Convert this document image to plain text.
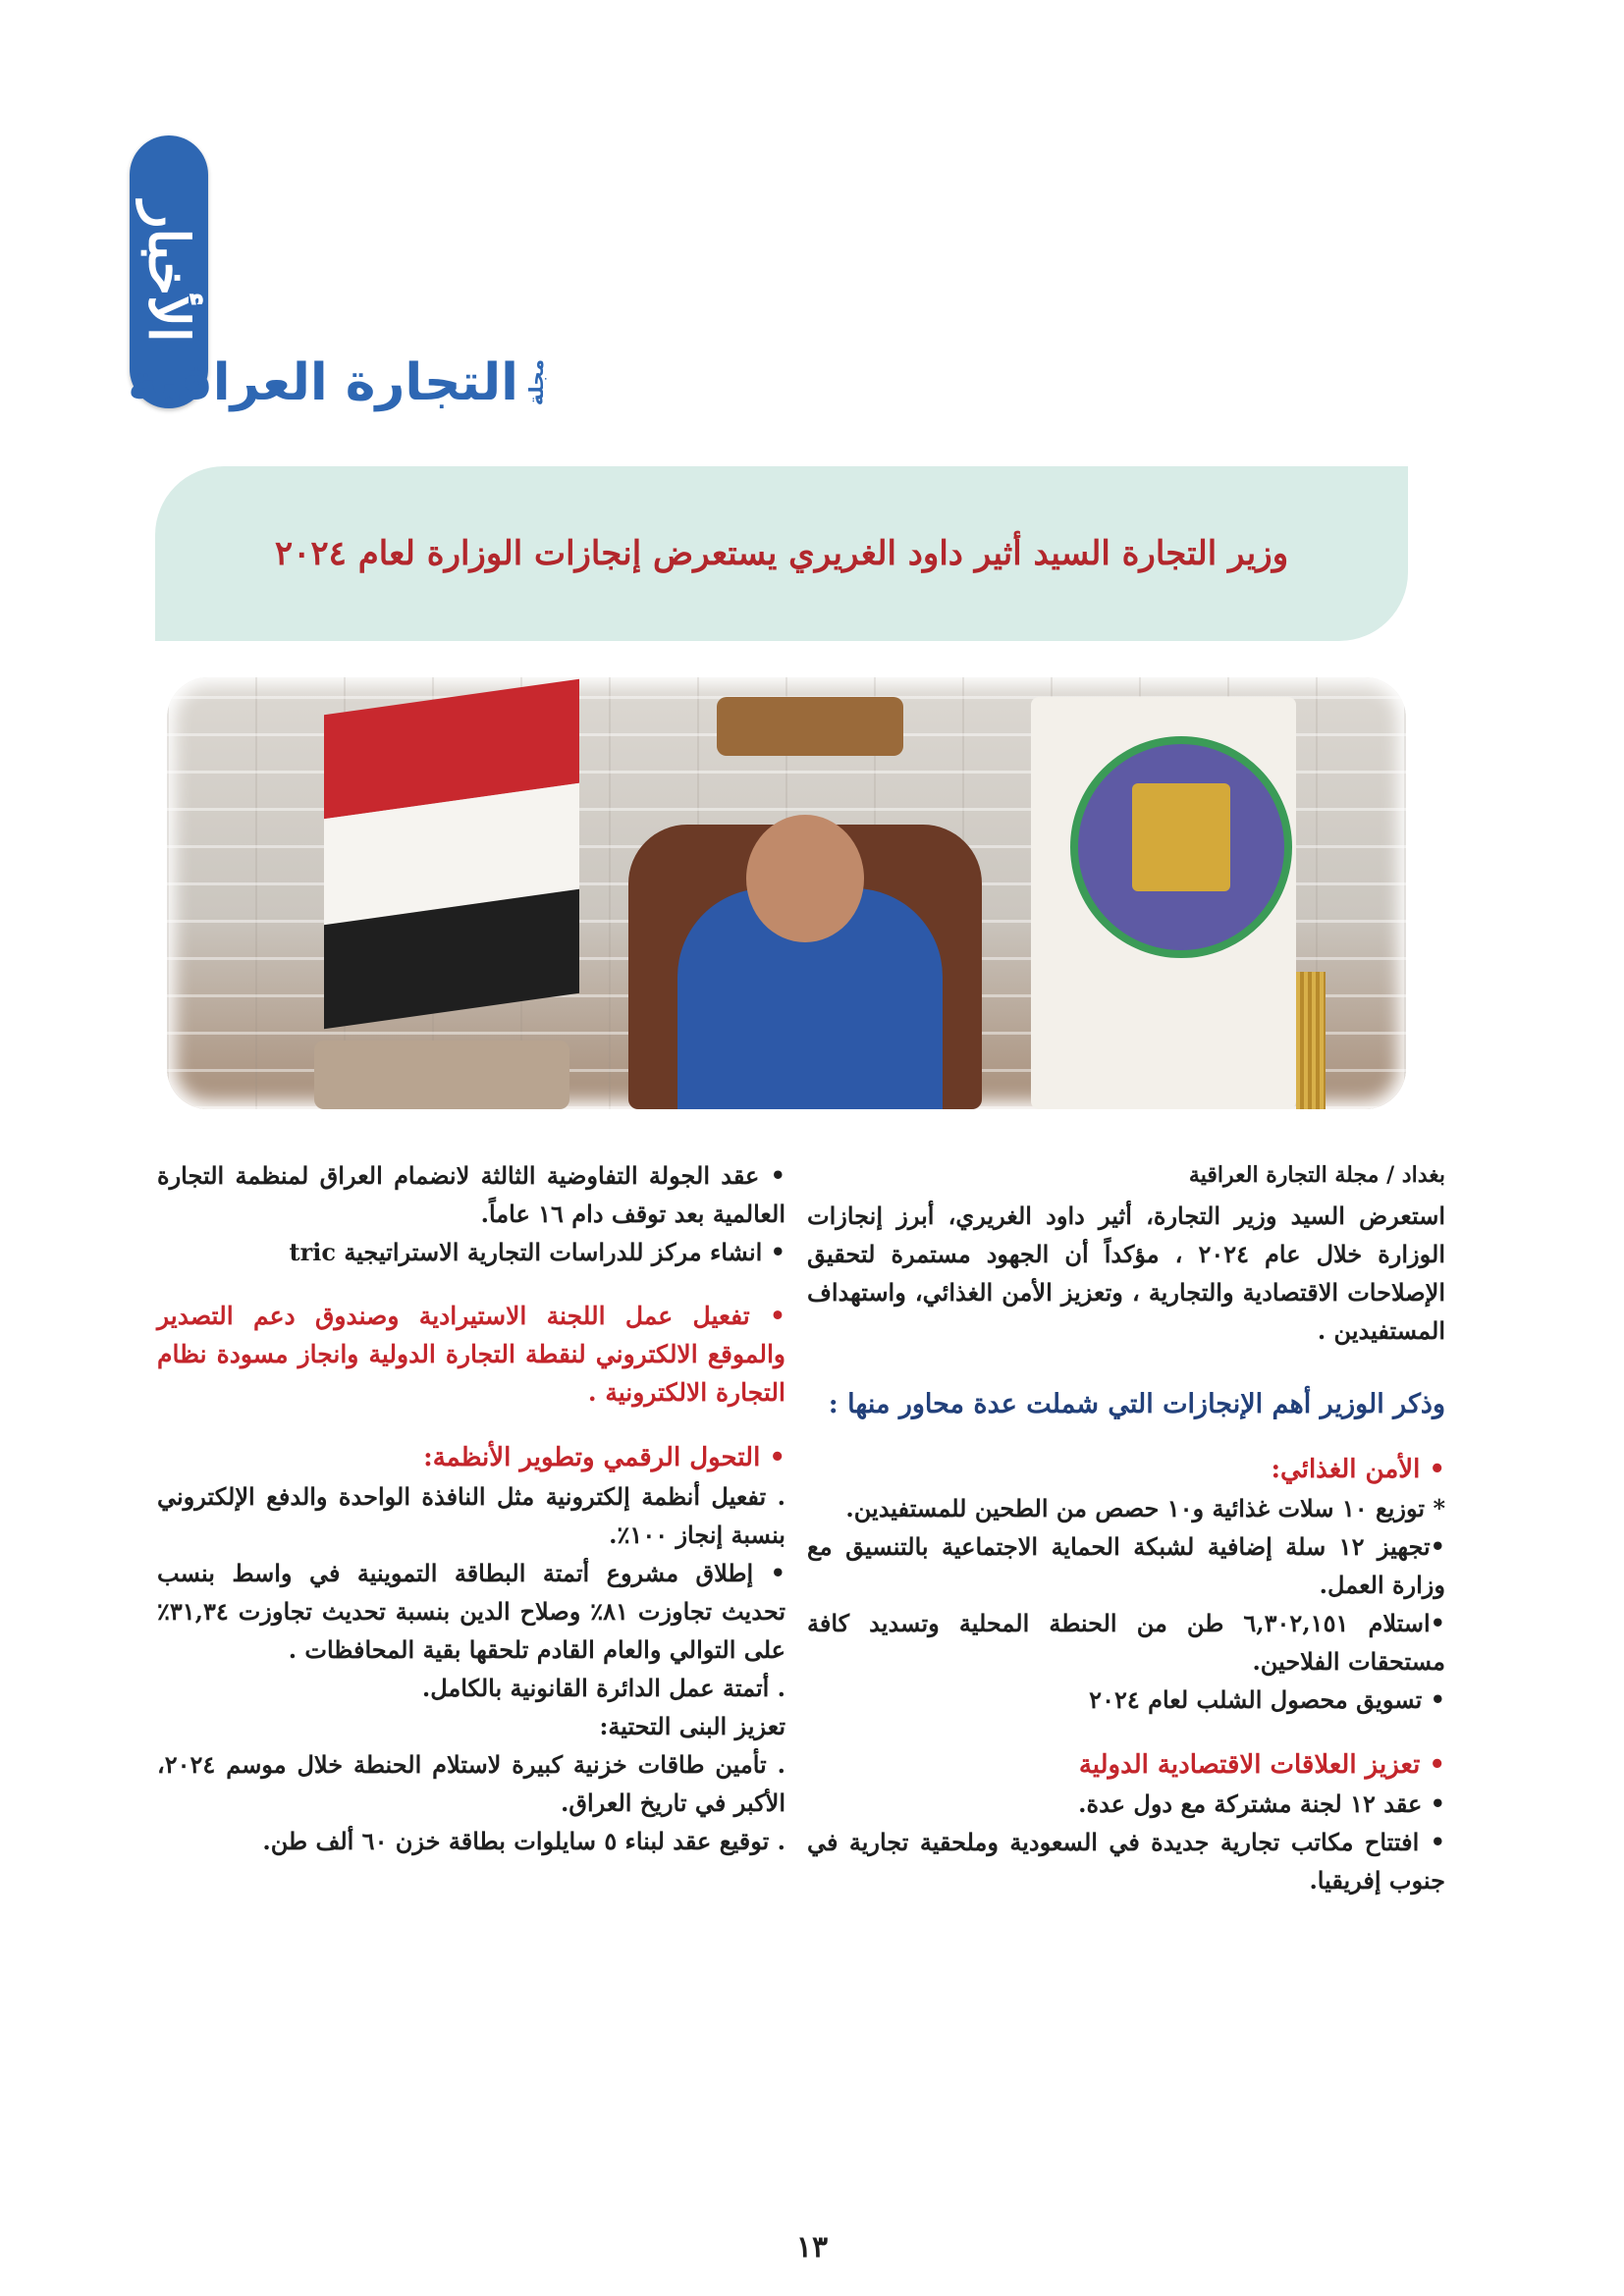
الأخبار
مجلة
التجارة العراقية
وزير التجارة السيد أثير داود الغريري يستعرض إنجازات الوزارة لعام ٢٠٢٤

بغداد / مجلة التجارة العراقية

استعرض السيد وزير التجارة، أثير داود الغريري، أبرز إنجازات الوزارة خلال عام ٢٠٢٤ ، مؤكداً أن الجهود مستمرة لتحقيق الإصلاحات الاقتصادية والتجارية ، وتعزيز الأمن الغذائي، واستهداف المستفيدين .

وذكر الوزير أهم الإنجازات التي شملت عدة محاور منها :

• الأمن الغذائي:

* توزيع ١٠ سلات غذائية و١٠ حصص من الطحين للمستفيدين.

•تجهيز ١٢ سلة إضافية لشبكة الحماية الاجتماعية بالتنسيق مع وزارة العمل.

•استلام ٦,٣٠٢,١٥١ طن من الحنطة المحلية وتسديد كافة مستحقات الفلاحين.

• تسويق محصول الشلب لعام ٢٠٢٤

• تعزيز العلاقات الاقتصادية الدولية

• عقد ١٢ لجنة مشتركة مع دول عدة.

• افتتاح مكاتب تجارية جديدة في السعودية وملحقية تجارية في جنوب إفريقيا.

• عقد الجولة التفاوضية الثالثة لانضمام العراق لمنظمة التجارة العالمية بعد توقف دام ١٦ عاماً.

• انشاء مركز للدراسات التجارية الاستراتيجية tric

• تفعيل عمل اللجنة الاستيرادية وصندوق دعم التصدير والموقع الالكتروني لنقطة التجارة الدولية وانجاز مسودة نظام التجارة الالكترونية .

• التحول الرقمي وتطوير الأنظمة:

. تفعيل أنظمة إلكترونية مثل النافذة الواحدة والدفع الإلكتروني بنسبة إنجاز ١٠٠٪.

• إطلاق مشروع أتمتة البطاقة التموينية في واسط بنسب تحديث تجاوزت ٨١٪ وصلاح الدين بنسبة تحديث تجاوزت ٣١,٣٤٪ على التوالي والعام القادم تلحقها بقية المحافظات .

. أتمتة عمل الدائرة القانونية بالكامل.

تعزيز البنى التحتية:

. تأمين طاقات خزنية كبيرة لاستلام الحنطة خلال موسم ٢٠٢٤، الأكبر في تاريخ العراق.

. توقيع عقد لبناء ٥ سايلوات بطاقة خزن ٦٠ ألف طن.

١٣
